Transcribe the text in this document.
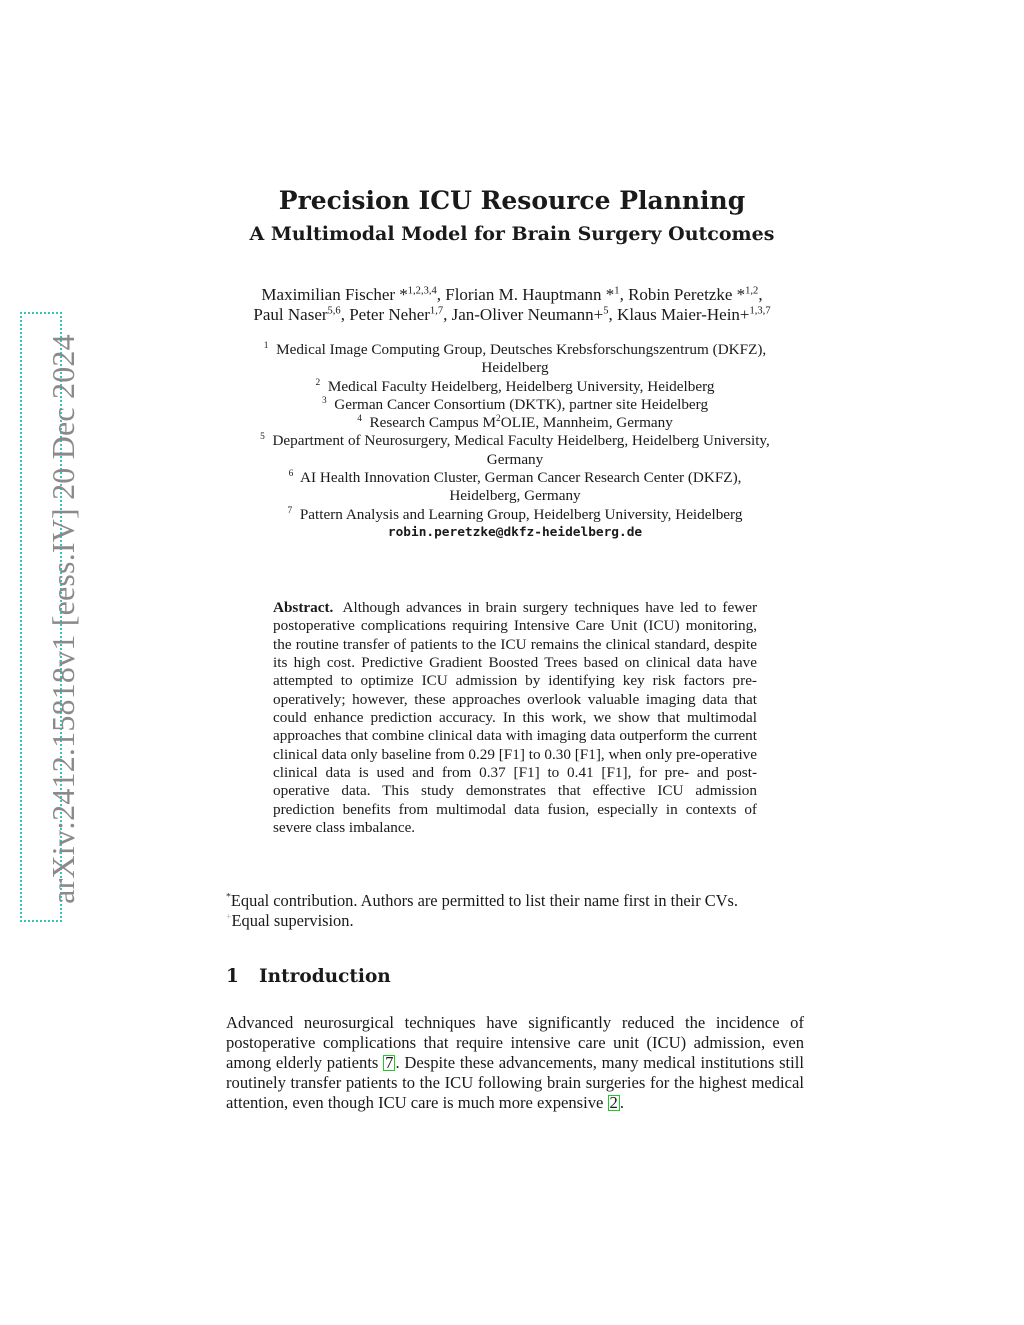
arXiv:2412.15818v1 [eess.IV] 20 Dec 2024
Precision ICU Resource Planning
A Multimodal Model for Brain Surgery Outcomes
Maximilian Fischer *$^{1,2,3,4}$, Florian M. Hauptmann *$^1$, Robin Peretzke *$^{1,2}$,
Paul Naser$^{5,6}$, Peter Neher$^{1,7}$, Jan-Oliver Neumann+$^5$, Klaus Maier-Hein+$^{1,3,7}$
$^1$ Medical Image Computing Group, Deutsches Krebsforschungszentrum (DKFZ),
Heidelberg
$^2$ Medical Faculty Heidelberg, Heidelberg University, Heidelberg
$^3$ German Cancer Consortium (DKTK), partner site Heidelberg
$^4$ Research Campus $M^2OLIE$, Mannheim, Germany
$^5$ Department of Neurosurgery, Medical Faculty Heidelberg, Heidelberg University,
Germany
$^6$ AI Health Innovation Cluster, German Cancer Research Center (DKFZ),
Heidelberg, Germany
$^7$ Pattern Analysis and Learning Group, Heidelberg University, Heidelberg
robin.peretzke@dkfz-heidelberg.de
Abstract. Although advances in brain surgery techniques have led to fewer postoperative complications requiring Intensive Care Unit (ICU) monitoring, the routine transfer of patients to the ICU remains the clinical standard, despite its high cost. Predictive Gradient Boosted Trees based on clinical data have attempted to optimize ICU admission by identifying key risk factors pre-operatively; however, these approaches overlook valuable imaging data that could enhance prediction accuracy. In this work, we show that multimodal approaches that combine clinical data with imaging data outperform the current clinical data only baseline from 0.29 [F1] to 0.30 [F1], when only pre-operative clinical data is used and from 0.37 [F1] to 0.41 [F1], for pre- and post-operative data. This study demonstrates that effective ICU admission prediction benefits from multimodal data fusion, especially in contexts of severe class imbalance.
*Equal contribution. Authors are permitted to list their name first in their CVs.
+Equal supervision.
1 Introduction
Advanced neurosurgical techniques have significantly reduced the incidence of postoperative complications that require intensive care unit (ICU) admission, even among elderly patients 7 . Despite these advancements, many medical institutions still routinely transfer patients to the ICU following brain surgeries for the highest medical attention, even though ICU care is much more expensive 2 .
